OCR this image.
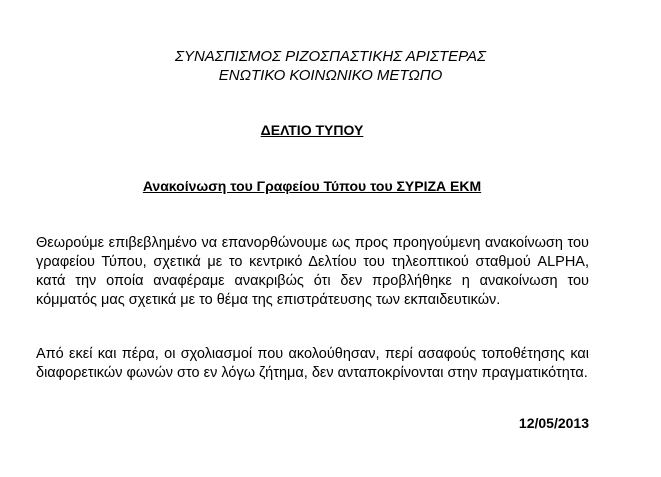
ΣΥΝΑΣΠΙΣΜΟΣ ΡΙΖΟΣΠΑΣΤΙΚΗΣ ΑΡΙΣΤΕΡΑΣ
ΕΝΩΤΙΚΟ ΚΟΙΝΩΝΙΚΟ ΜΕΤΩΠΟ
ΔΕΛΤΙΟ ΤΥΠΟΥ
Ανακοίνωση του Γραφείου Τύπου του ΣΥΡΙΖΑ ΕΚΜ

Θεωρούμε επιβεβλημένο να επανορθώνουμε ως προς προηγούμενη ανακοίνωση του γραφείου Τύπου, σχετικά με το κεντρικό Δελτίου του τηλεοπτικού σταθμού ALPHA, κατά την οποία αναφέραμε ανακριβώς ότι δεν προβλήθηκε η ανακοίνωση του κόμματός μας σχετικά με το θέμα της επιστράτευσης των εκπαιδευτικών.

Από εκεί και πέρα, οι σχολιασμοί που ακολούθησαν, περί ασαφούς τοποθέτησης και διαφορετικών φωνών στο εν λόγω ζήτημα, δεν ανταποκρίνονται στην πραγματικότητα.

12/05/2013
